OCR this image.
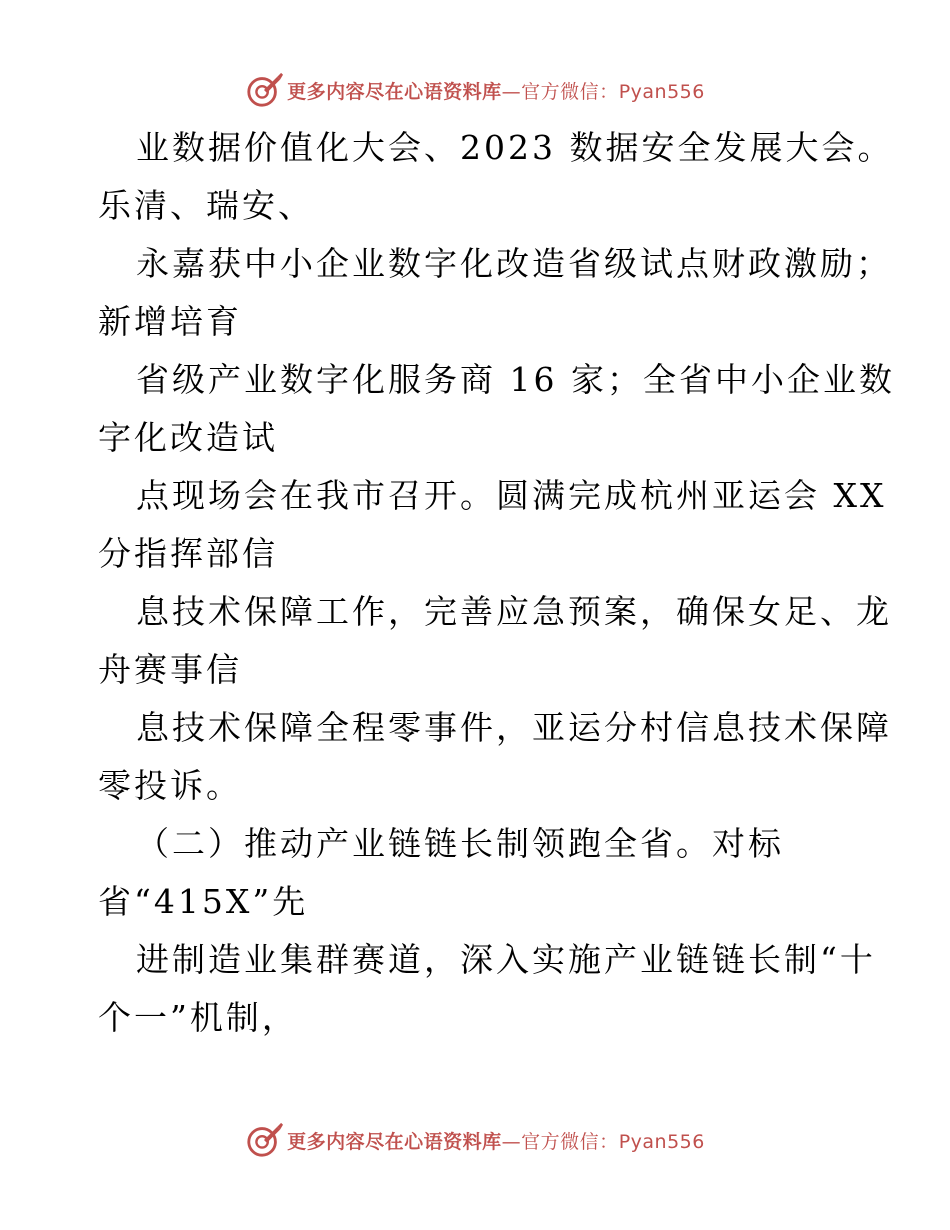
更多内容尽在心语资料库—官方微信：Pyan556
业数据价值化大会、2023 数据安全发展大会。
乐清、瑞安、
永嘉获中小企业数字化改造省级试点财政激励；
新增培育
省级产业数字化服务商 16 家；全省中小企业数
字化改造试
点现场会在我市召开。圆满完成杭州亚运会 XX
分指挥部信
息技术保障工作，完善应急预案，确保女足、龙
舟赛事信
息技术保障全程零事件，亚运分村信息技术保障
零投诉。
（二）推动产业链链长制领跑全省。对标
省“415X”先
进制造业集群赛道，深入实施产业链链长制“十
个一”机制，
更多内容尽在心语资料库—官方微信：Pyan556
